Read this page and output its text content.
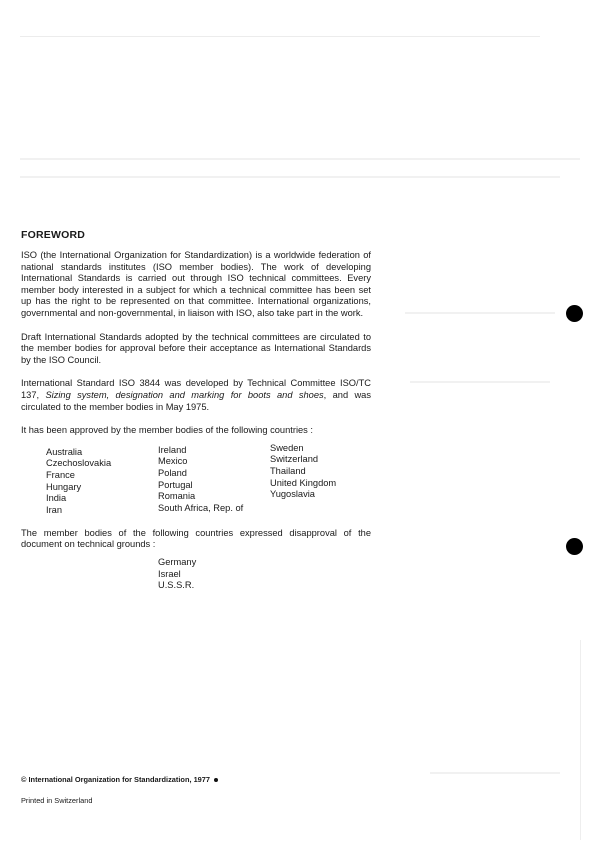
FOREWORD

ISO (the International Organization for Standardization) is a worldwide federation of national standards institutes (ISO member bodies). The work of developing International Standards is carried out through ISO technical committees. Every member body interested in a subject for which a technical committee has been set up has the right to be represented on that committee. International organizations, governmental and non-governmental, in liaison with ISO, also take part in the work.

Draft International Standards adopted by the technical committees are circulated to the member bodies for approval before their acceptance as International Standards by the ISO Council.

International Standard ISO 3844 was developed by Technical Committee ISO/TC 137, Sizing system, designation and marking for boots and shoes, and was circulated to the member bodies in May 1975.

It has been approved by the member bodies of the following countries :

Australia
Czechoslovakia
France
Hungary
India
Iran
Ireland
Mexico
Poland
Portugal
Romania
South Africa, Rep. of
Sweden
Switzerland
Thailand
United Kingdom
Yugoslavia

The member bodies of the following countries expressed disapproval of the document on technical grounds :

Germany
Israel
U.S.S.R.
© International Organization for Standardization, 1977
Printed in Switzerland
